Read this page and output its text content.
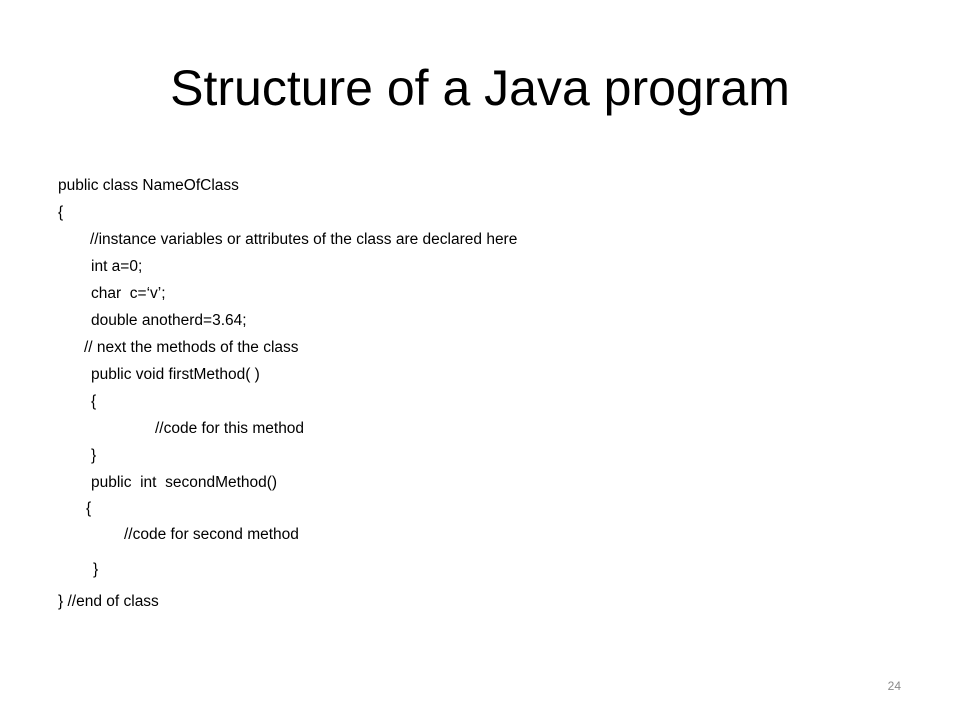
Structure of a Java program
public class NameOfClass
{
//instance variables or attributes of the class are declared here
int a=0;
char  c=‘v’;
double anotherd=3.64;
// next the methods of the class
public void firstMethod( )
{
//code for this method
}
public  int  secondMethod()
{
//code for second method
}
} //end of class
24
